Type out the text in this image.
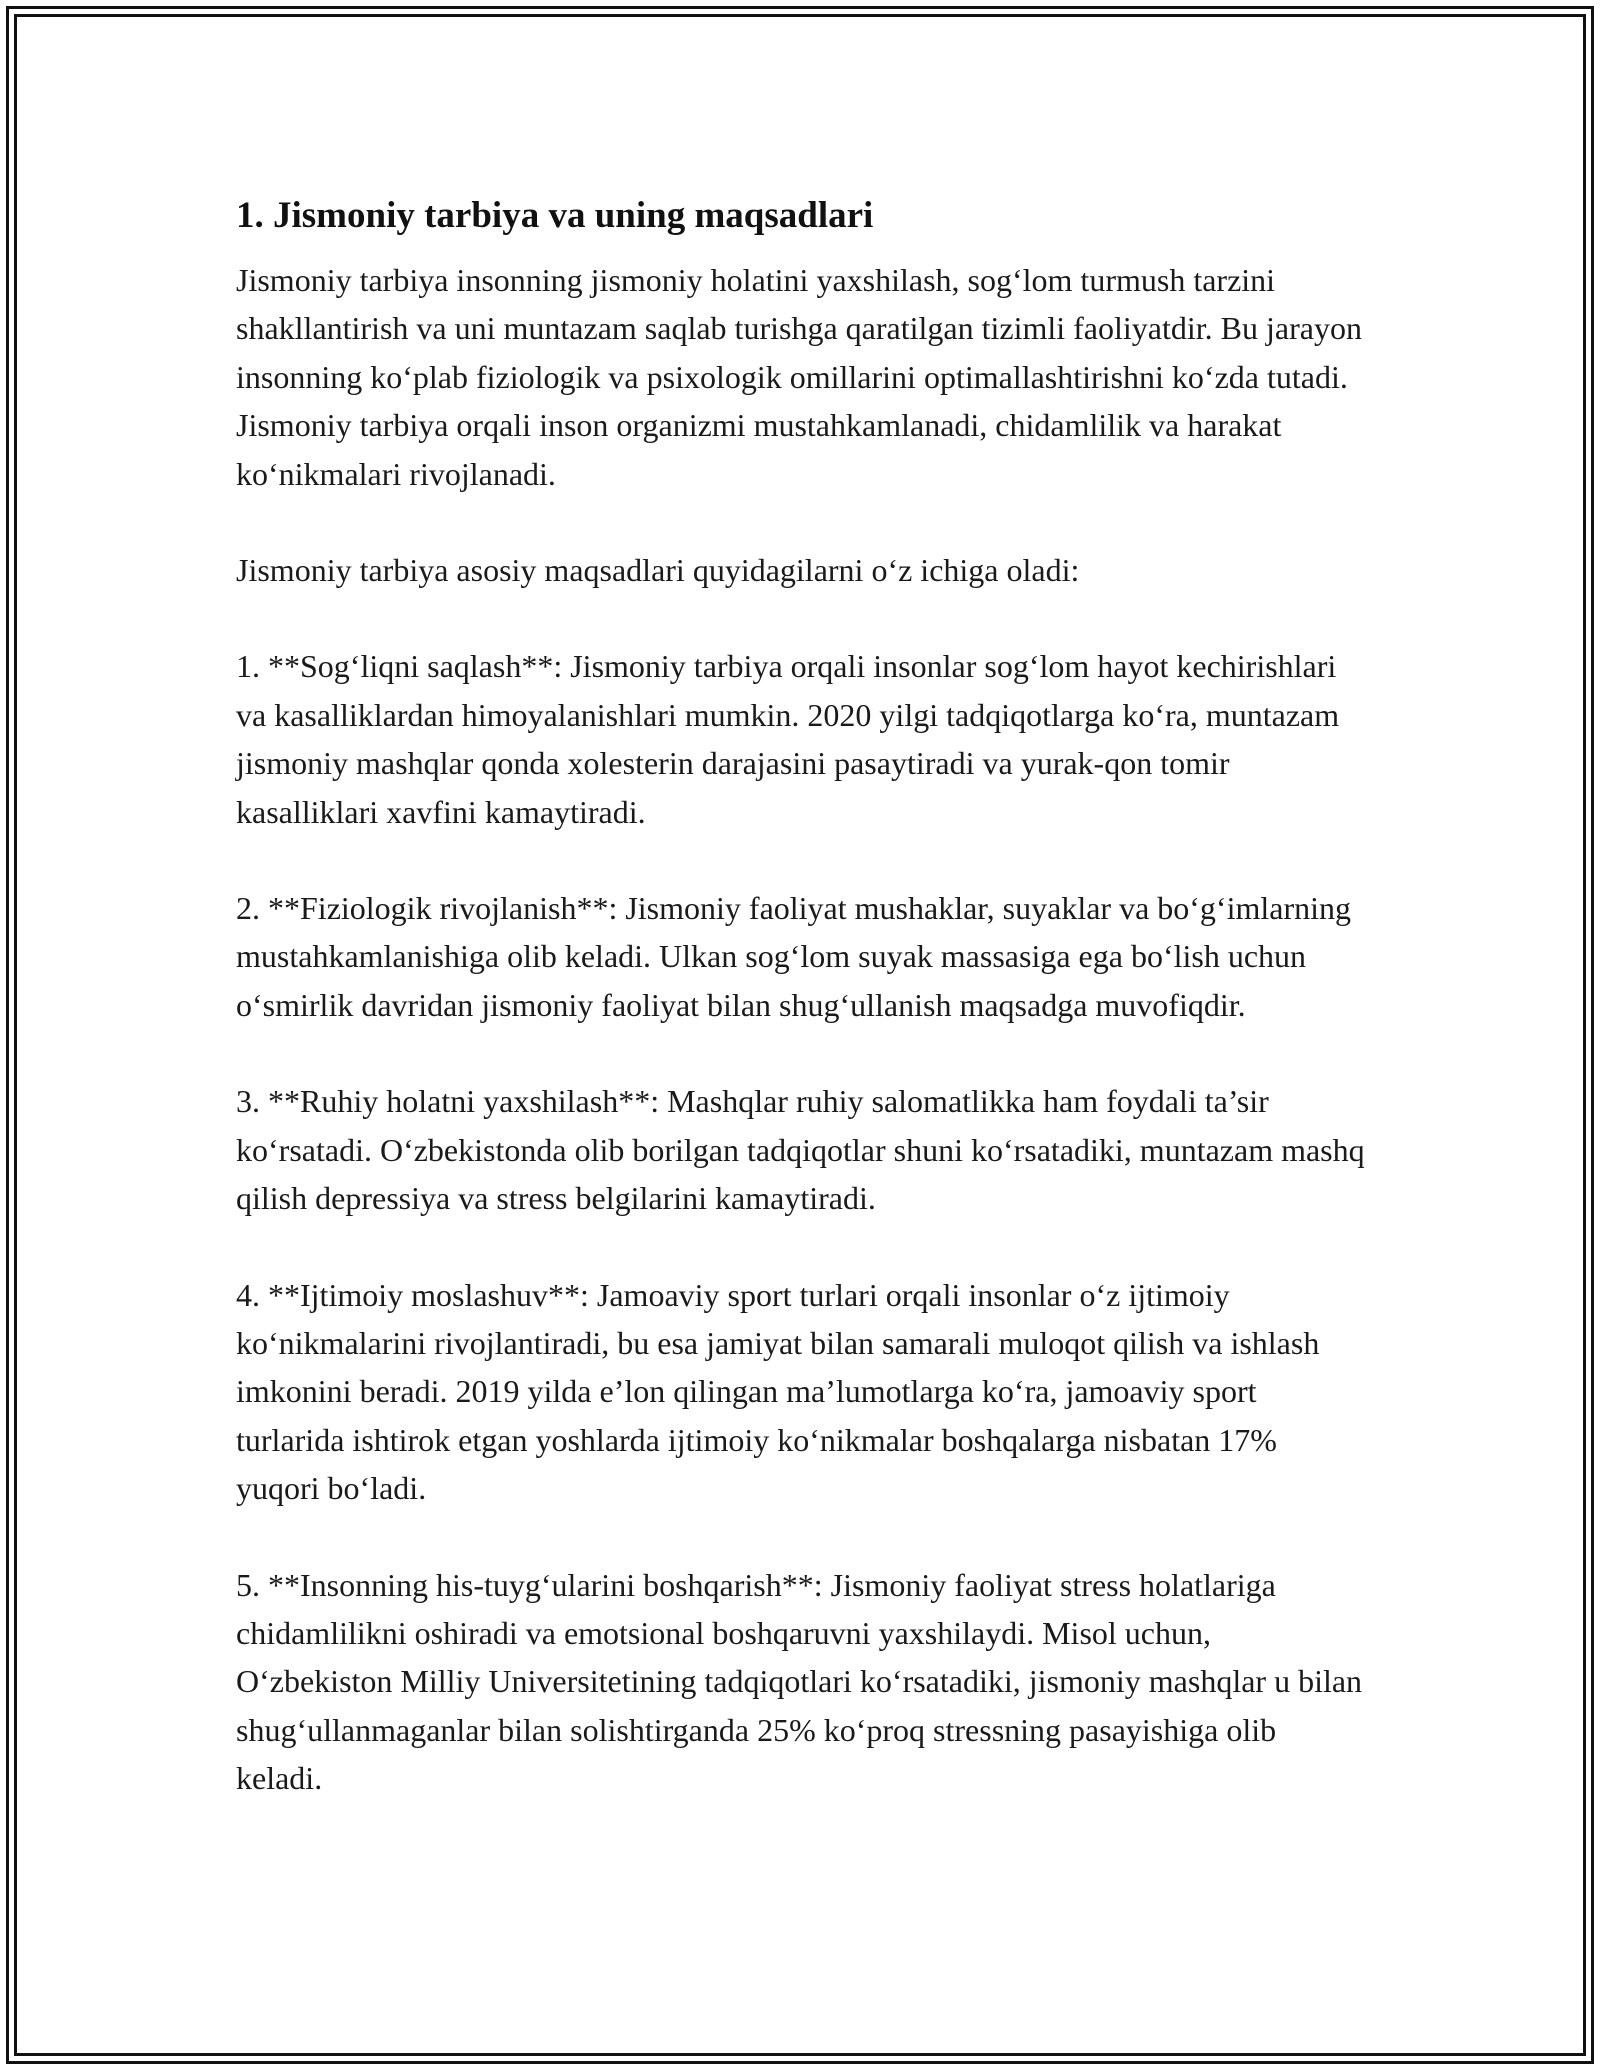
1. Jismoniy tarbiya va uning maqsadlari

Jismoniy tarbiya insonning jismoniy holatini yaxshilash, sog‘lom turmush tarzini shakllantirish va uni muntazam saqlab turishga qaratilgan tizimli faoliyatdir. Bu jarayon insonning ko‘plab fiziologik va psixologik omillarini optimallashtirishni ko‘zda tutadi. Jismoniy tarbiya orqali inson organizmi mustahkamlanadi, chidamlilik va harakat ko‘nikmalari rivojlanadi.

Jismoniy tarbiya asosiy maqsadlari quyidagilarni o‘z ichiga oladi:

1. **Sog‘liqni saqlash**: Jismoniy tarbiya orqali insonlar sog‘lom hayot kechirishlari va kasalliklardan himoyalanishlari mumkin. 2020 yilgi tadqiqotlarga ko‘ra, muntazam jismoniy mashqlar qonda xolesterin darajasini pasaytiradi va yurak-qon tomir kasalliklari xavfini kamaytiradi.

2. **Fiziologik rivojlanish**: Jismoniy faoliyat mushaklar, suyaklar va bo‘g‘imlarning mustahkamlanishiga olib keladi. Ulkan sog‘lom suyak massasiga ega bo‘lish uchun o‘smirlik davridan jismoniy faoliyat bilan shug‘ullanish maqsadga muvofiqdir.

3. **Ruhiy holatni yaxshilash**: Mashqlar ruhiy salomatlikka ham foydali ta’sir ko‘rsatadi. O‘zbekistonda olib borilgan tadqiqotlar shuni ko‘rsatadiki, muntazam mashq qilish depressiya va stress belgilarini kamaytiradi.

4. **Ijtimoiy moslashuv**: Jamoaviy sport turlari orqali insonlar o‘z ijtimoiy ko‘nikmalarini rivojlantiradi, bu esa jamiyat bilan samarali muloqot qilish va ishlash imkonini beradi. 2019 yilda e’lon qilingan ma’lumotlarga ko‘ra, jamoaviy sport turlarida ishtirok etgan yoshlarda ijtimoiy ko‘nikmalar boshqalarga nisbatan 17% yuqori bo‘ladi.

5. **Insonning his-tuyg‘ularini boshqarish**: Jismoniy faoliyat stress holatlariga chidamlilikni oshiradi va emotsional boshqaruvni yaxshilaydi. Misol uchun, O‘zbekiston Milliy Universitetining tadqiqotlari ko‘rsatadiki, jismoniy mashqlar u bilan shug‘ullanmaganlar bilan solishtirganda 25% ko‘proq stressning pasayishiga olib keladi.
